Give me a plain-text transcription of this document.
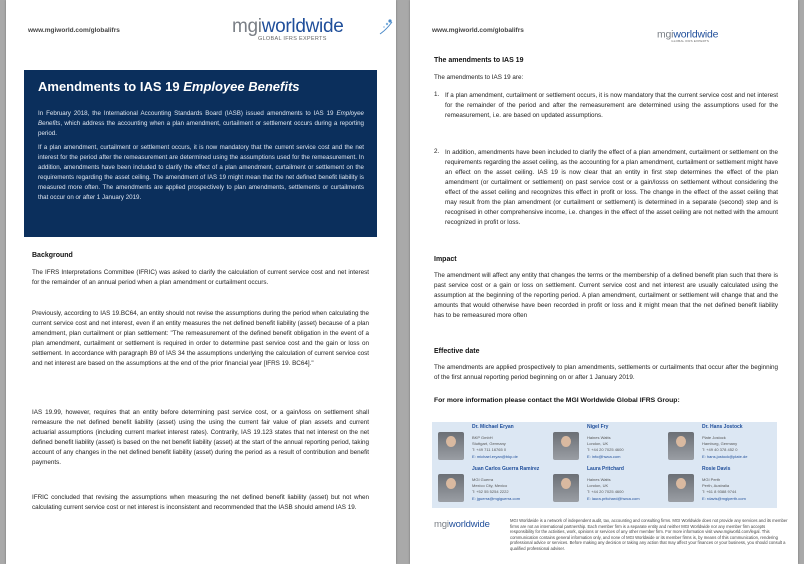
www.mgiworld.com/globalifrs	mgiworldwide
GLOBAL IFRS EXPERTS
Amendments to IAS 19 Employee Benefits

In February 2018, the International Accounting Standards Board (IASB) issued amendments to IAS 19 Employee Benefits, which address the accounting when a plan amendment, curtailment or settlement occurs during a reporting period.

If a plan amendment, curtailment or settlement occurs, it is now mandatory that the current service cost and the net interest for the period after the remeasurement are determined using the assumptions used for the remeasurement. In addition, amendments have been included to clarify the effect of a plan amendment, curtailment or settlement on the requirements regarding the asset ceiling. The amendment of IAS 19 might mean that the net defined benefit liability is measured more often. The amendments are applied prospectively to plan amendments, settlements or curtailments that occur on or after 1 January 2019.

Background

The IFRS Interpretations Committee (IFRIC) was asked to clarify the calculation of current service cost and net interest for the remainder of an annual period when a plan amendment or curtailment occurs.

Previously, according to IAS 19.BC64, an entity should not revise the assumptions during the period when calculating the current service cost and net interest, even if an entity measures the net defined benefit liability (asset) because of a plan amendment, plan curtailment or plan settlement: "The remeasurement of the defined benefit obligation in the event of a plan amendment, curtailment or settlement is required in order to determine past service cost and the gain or loss on settlement. In accordance with paragraph B9 of IAS 34 the assumptions underlying the calculation of current service cost and net interest are based on the assumptions at the end of the prior financial year [IFRS 19. BC64]."

IAS 19.99, however, requires that an entity before determining past service cost, or a gain/loss on settlement shall remeasure the net defined benefit liability (asset) using the using the current fair value of plan assets and current actuarial assumptions (including current market interest rates). Contrarily, IAS 19.123 states that net interest on the net defined benefit liability (asset) is based on the net benefit liability (asset) at the start of the annual reporting period, taking account of any changes in the net defined benefit liability (asset) during the period as a result of contribution and benefit payments.

IFRIC concluded that revising the assumptions when measuring the net defined benefit liability (asset) but not when calculating current service cost or net interest is inconsistent and recommended that the IASB should amend IAS 19.

www.mgiworld.com/globalifrs	mgiworldwide
GLOBAL IFRS EXPERTS
The amendments to IAS 19

The amendments to IAS 19 are:

1. If a plan amendment, curtailment or settlement occurs, it is now mandatory that the current service cost and net interest for the remainder of the period and after the remeasurement are determined using the assumptions used for the remeasurement, i.e. are based on updated assumptions.

2. In addition, amendments have been included to clarify the effect of a plan amendment, curtailment or settlement on the requirements regarding the asset ceiling, as the accounting for a plan amendment, curtailment or settlement might have an effect on the asset ceiling. IAS 19 is now clear that an entity in first step determines the effect of the plan amendment (or curtailment or settlement) on past service cost or a gain/losss on settlement without considering the effect of the asset ceiling and recognizes this effect in profit or loss. The change in the effect of the asset ceiling that may result from the plan amendment (or curtailment or settlement) is determined in a separate (second) step and is recognised in other comprehensive income, i.e. changes in the effect of the asset ceiling are not netted with the amount recognized in profit or loss.

Impact

The amendment will affect any entity that changes the terms or the membership of a defined benefit plan such that there is past service cost or a gain or loss on settlement. Current service cost and net interest are usually calculated using the assumption at the beginning of the reporting period. A plan amendment, curtailment or settlement will change that and the amounts that would otherwise have been recorded in profit or loss and it might mean that the net defined benefit liability has to be remeasured more often

Effective date

The amendments are applied prospectively to plan amendments, settlements or curtailments that occur after the beginning of the first annual reporting period beginning on or after 1 January 2019.

For more information please contact the MGI Worldwide Global IFRS Group:
Dr. Michael Eryan
BKP GmbH
Stuttgart, Germany
T: +49 711 16765 0
E: michael.eryan@bkp.de
Nigel Fry
Haines Watts
London, UK
T: +44 20 7025 4600
E: info@hwca.com
Dr. Hans Jostock
Plate Jostock
Hamburg, Germany
T: +49 40 378 452 0
E: hans.jostock@plate.de
Juan Carlos Guerra Ramírez
MGI Guerra
Mexico City, Mexico
T: +52 55 5254 2222
E: jguerra@mgiguerra.com
Laura Pritchard
Haines Watts
London, UK
T: +44 20 7025 4600
E: laura.pritchard@hwca.com
Rosie Davis
MGI Perth
Perth, Australia
T: +61 8 9388 9744
E: rdavis@mgiperth.com
mgiworldwide	MGI Worldwide is a network of independent audit, tax, accounting and consulting firms. MGI Worldwide does not provide any services and its member firms are not an international partnership. Each member firm is a separate entity and neither MGI Worldwide nor any member firm accepts responsibility for the activities, work, opinions or services of any other member firm. For more information visit www.mgiworld.com/legal. This communication contains general information only, and none of MGI Worldwide or its member firms is, by means of this communication, rendering professional advice or services. Before making any decision or taking any action that may affect your finances or your business, you should consult a qualified professional adviser.
